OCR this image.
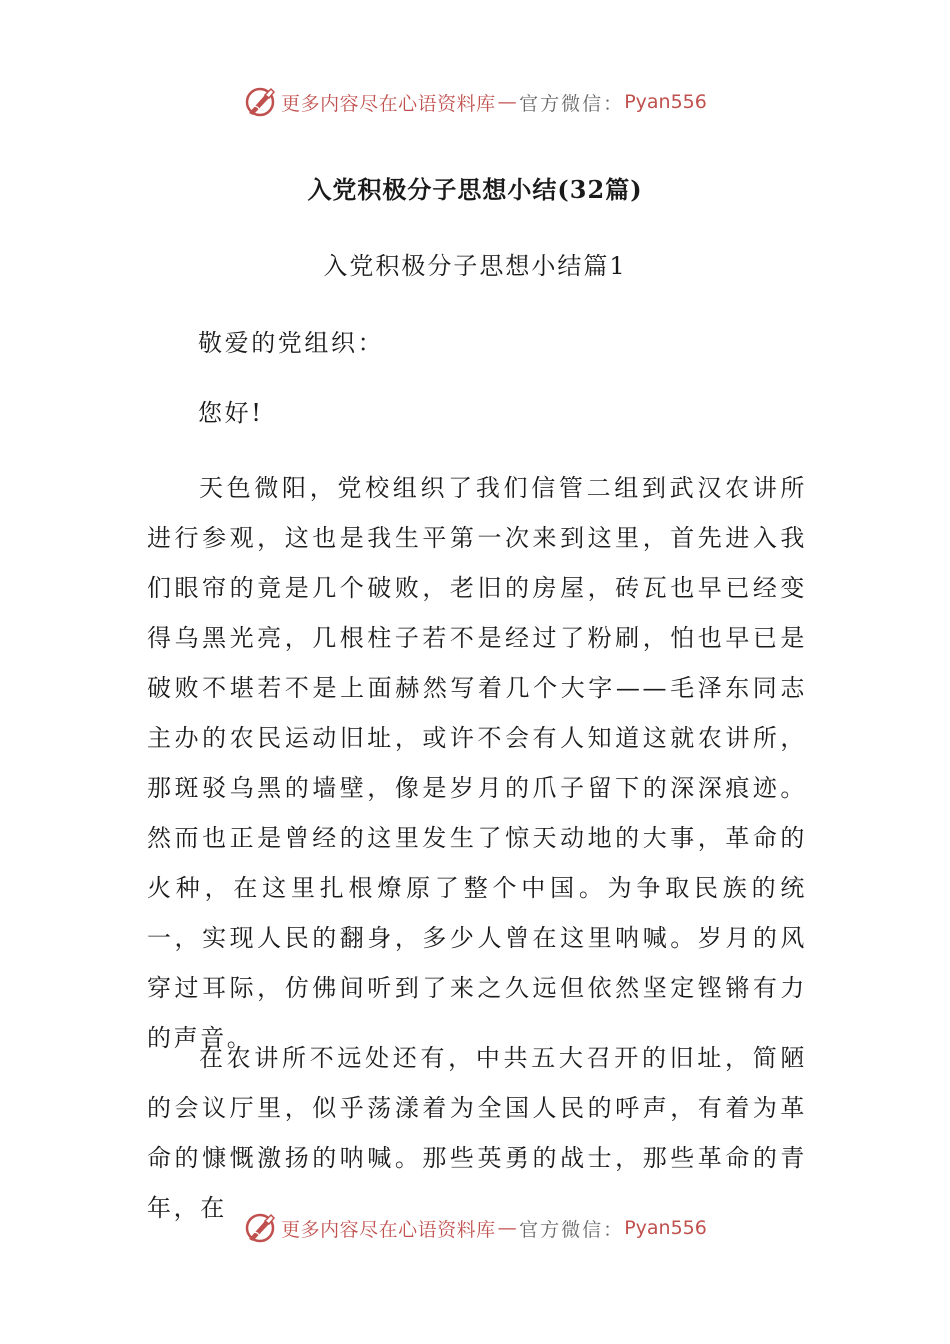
更多内容尽在心语资料库 — 官方微信： Pyan556
入党积极分子思想小结(32篇)
入党积极分子思想小结篇1
敬爱的党组织：
您好!
天色微阳，党校组织了我们信管二组到武汉农讲所进行参观，这也是我生平第一次来到这里，首先进入我们眼帘的竟是几个破败，老旧的房屋，砖瓦也早已经变得乌黑光亮，几根柱子若不是经过了粉刷，怕也早已是破败不堪若不是上面赫然写着几个大字——毛泽东同志主办的农民运动旧址，或许不会有人知道这就农讲所，那斑驳乌黑的墙壁，像是岁月的爪子留下的深深痕迹。然而也正是曾经的这里发生了惊天动地的大事，革命的火种，在这里扎根燎原了整个中国。为争取民族的统一，实现人民的翻身，多少人曾在这里呐喊。岁月的风穿过耳际，仿佛间听到了来之久远但依然坚定铿锵有力的声音。
在农讲所不远处还有，中共五大召开的旧址，简陋的会议厅里，似乎荡漾着为全国人民的呼声，有着为革命的慷慨激扬的呐喊。那些英勇的战士，那些革命的青年，在
更多内容尽在心语资料库 — 官方微信： Pyan556
